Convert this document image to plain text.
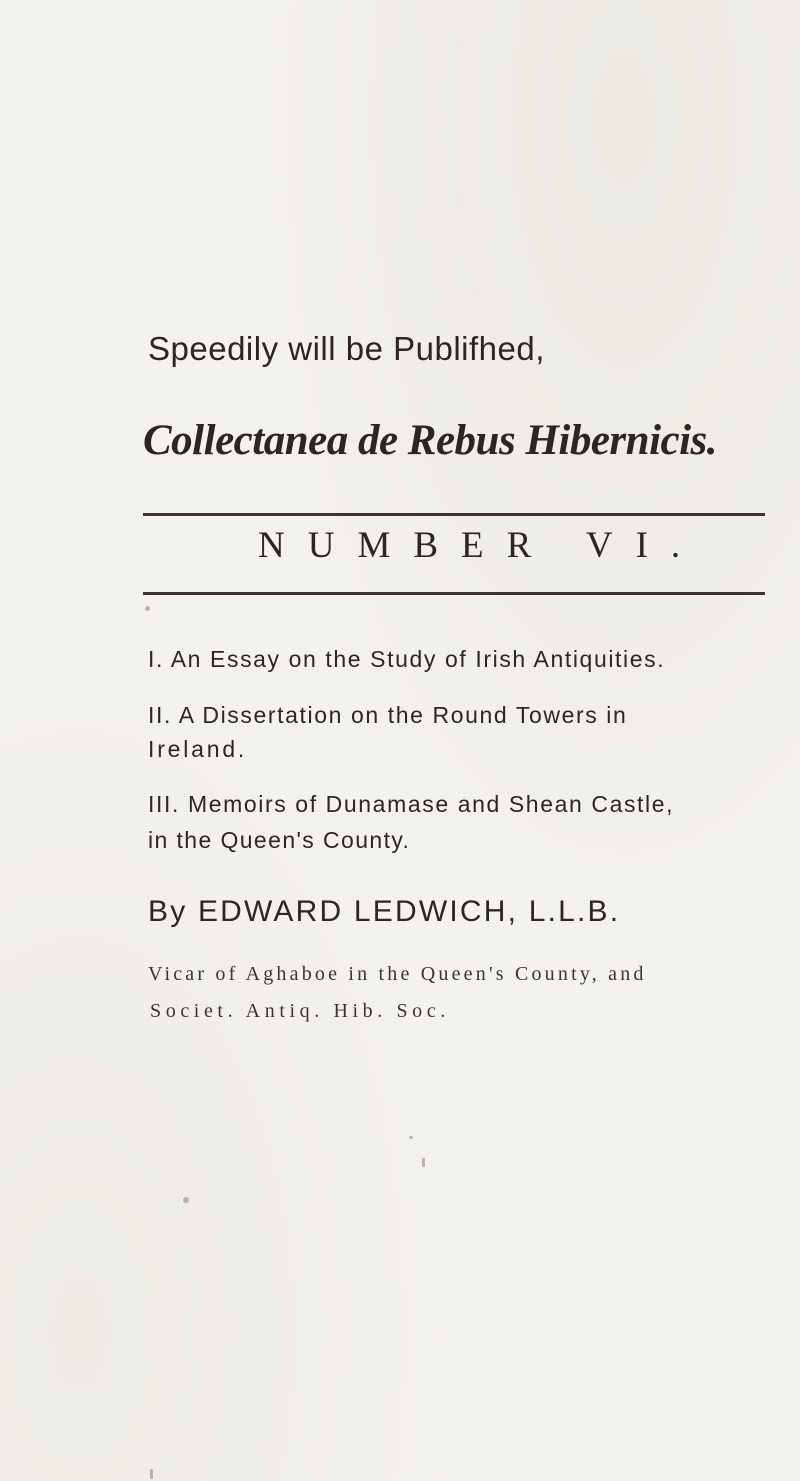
Speedily will be Publifhed,
Collectanea de Rebus Hibernicis.
NUMBER VI.
I. An Essay on the Study of Irish Antiquities.
II. A Dissertation on the Round Towers in
Ireland.
III. Memoirs of Dunamase and Shean Castle,
in the Queen's County.
By EDWARD LEDWICH, L.L.B.
Vicar of Aghaboe in the Queen's County, and
Societ. Antiq. Hib. Soc.
